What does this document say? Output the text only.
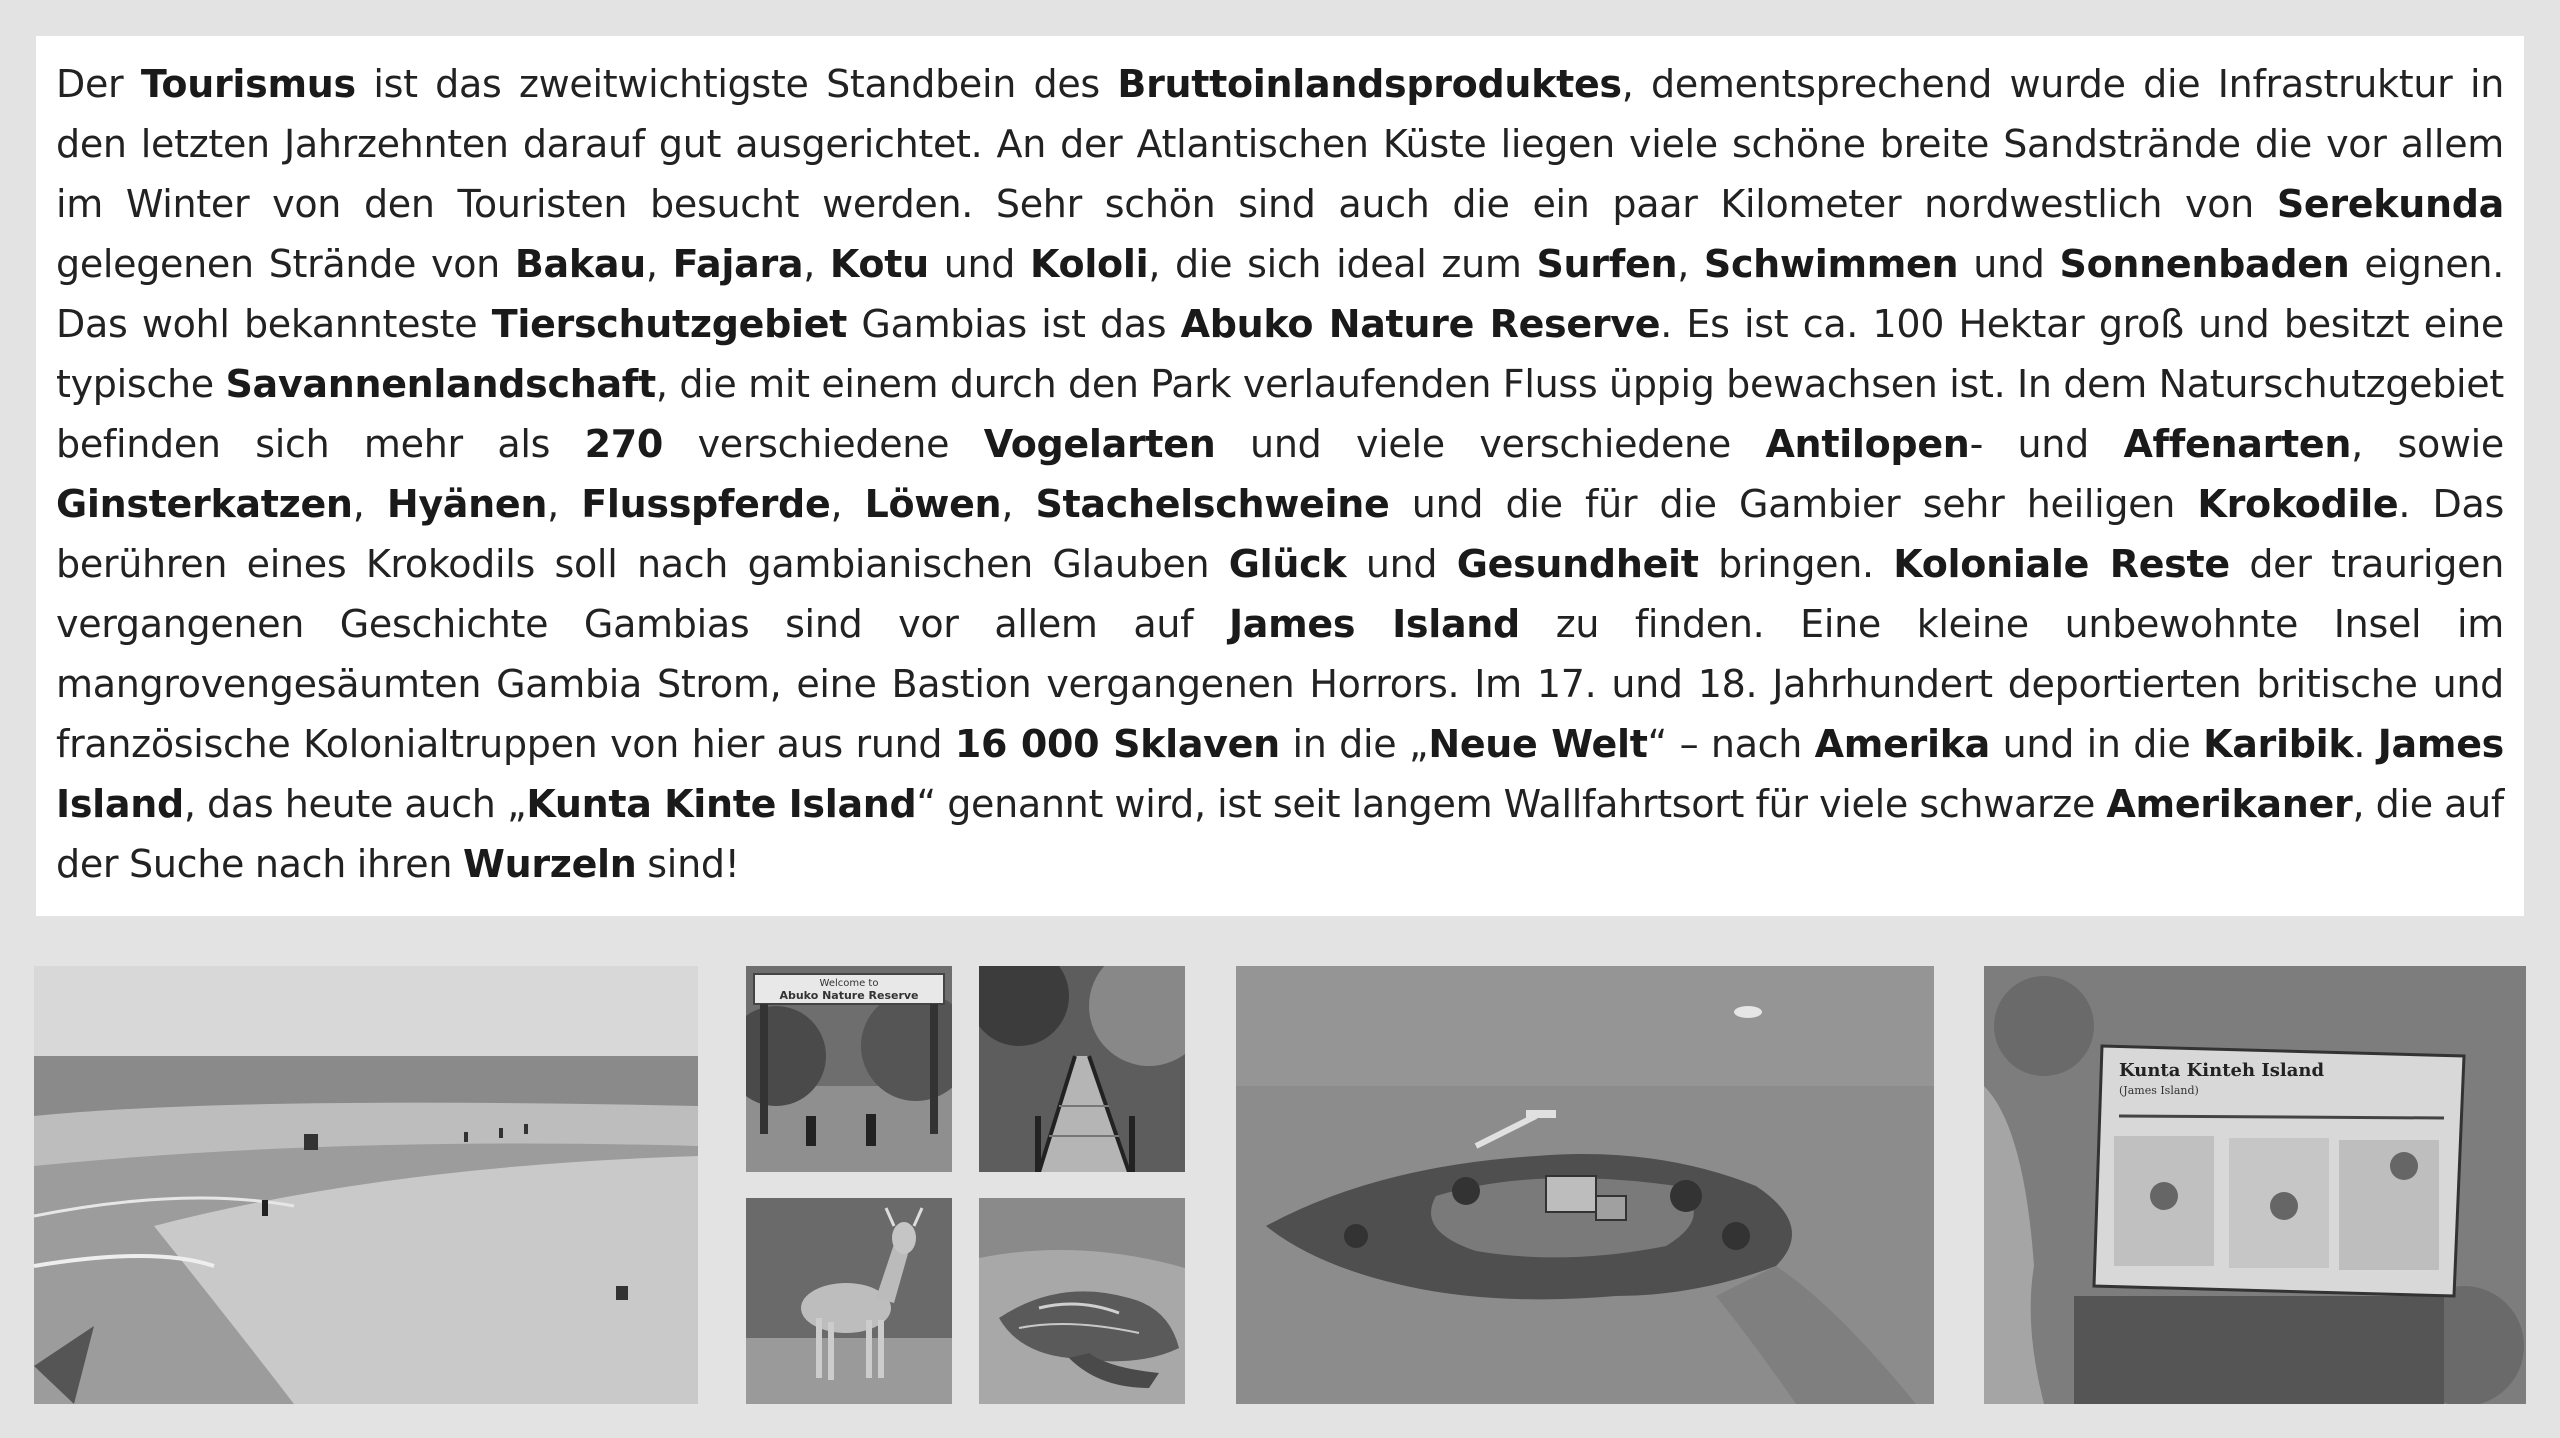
Der Tourismus ist das zweitwichtigste Standbein des Bruttoinlandsproduktes, dementsprechend wurde die Infrastruktur in den letzten Jahrzehnten darauf gut ausgerichtet. An der Atlantischen Küste liegen viele schöne breite Sandstrände die vor allem im Winter von den Touristen besucht werden. Sehr schön sind auch die ein paar Kilometer nordwestlich von Serekunda gelegenen Strände von Bakau, Fajara, Kotu und Kololi, die sich ideal zum Surfen, Schwimmen und Sonnenbaden eignen. Das wohl bekannteste Tierschutzgebiet Gambias ist das Abuko Nature Reserve. Es ist ca. 100 Hektar groß und besitzt eine typische Savannenlandschaft, die mit einem durch den Park verlaufenden Fluss üppig bewachsen ist. In dem Naturschutzgebiet befinden sich mehr als 270 verschiedene Vogelarten und viele verschiedene Antilopen- und Affenarten, sowie Ginsterkatzen, Hyänen, Flusspferde, Löwen, Stachelschweine und die für die Gambier sehr heiligen Krokodile. Das berühren eines Krokodils soll nach gambianischen Glauben Glück und Gesundheit bringen. Koloniale Reste der traurigen vergangenen Geschichte Gambias sind vor allem auf James Island zu finden. Eine kleine unbewohnte Insel im mangrovengesäumten Gambia Strom, eine Bastion vergangenen Horrors. Im 17. und 18. Jahrhundert deportierten britische und französische Kolonialtruppen von hier aus rund 16 000 Sklaven in die „Neue Welt“ – nach Amerika und in die Karibik. James Island, das heute auch „Kunta Kinte Island“ genannt wird, ist seit langem Wallfahrtsort für viele schwarze Amerikaner, die auf der Suche nach ihren Wurzeln sind!

Welcome to
Abuko Nature Reserve
Kunta Kinteh Island
(James Island)
